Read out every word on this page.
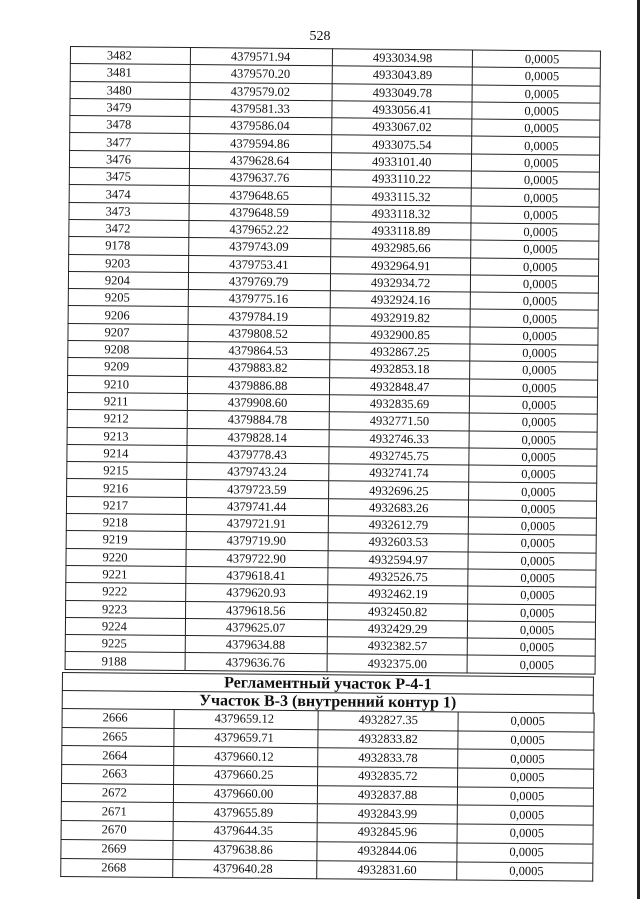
528
3482	4379571.94	4933034.98	0,0005
3481	4379570.20	4933043.89	0,0005
3480	4379579.02	4933049.78	0,0005
3479	4379581.33	4933056.41	0,0005
3478	4379586.04	4933067.02	0,0005
3477	4379594.86	4933075.54	0,0005
3476	4379628.64	4933101.40	0,0005
3475	4379637.76	4933110.22	0,0005
3474	4379648.65	4933115.32	0,0005
3473	4379648.59	4933118.32	0,0005
3472	4379652.22	4933118.89	0,0005
9178	4379743.09	4932985.66	0,0005
9203	4379753.41	4932964.91	0,0005
9204	4379769.79	4932934.72	0,0005
9205	4379775.16	4932924.16	0,0005
9206	4379784.19	4932919.82	0,0005
9207	4379808.52	4932900.85	0,0005
9208	4379864.53	4932867.25	0,0005
9209	4379883.82	4932853.18	0,0005
9210	4379886.88	4932848.47	0,0005
9211	4379908.60	4932835.69	0,0005
9212	4379884.78	4932771.50	0,0005
9213	4379828.14	4932746.33	0,0005
9214	4379778.43	4932745.75	0,0005
9215	4379743.24	4932741.74	0,0005
9216	4379723.59	4932696.25	0,0005
9217	4379741.44	4932683.26	0,0005
9218	4379721.91	4932612.79	0,0005
9219	4379719.90	4932603.53	0,0005
9220	4379722.90	4932594.97	0,0005
9221	4379618.41	4932526.75	0,0005
9222	4379620.93	4932462.19	0,0005
9223	4379618.56	4932450.82	0,0005
9224	4379625.07	4932429.29	0,0005
9225	4379634.88	4932382.57	0,0005
9188	4379636.76	4932375.00	0,0005
Регламентный участок Р-4-1
Участок В-3 (внутренний контур 1)
2666	4379659.12	4932827.35	0,0005
2665	4379659.71	4932833.82	0,0005
2664	4379660.12	4932833.78	0,0005
2663	4379660.25	4932835.72	0,0005
2672	4379660.00	4932837.88	0,0005
2671	4379655.89	4932843.99	0,0005
2670	4379644.35	4932845.96	0,0005
2669	4379638.86	4932844.06	0,0005
2668	4379640.28	4932831.60	0,0005
